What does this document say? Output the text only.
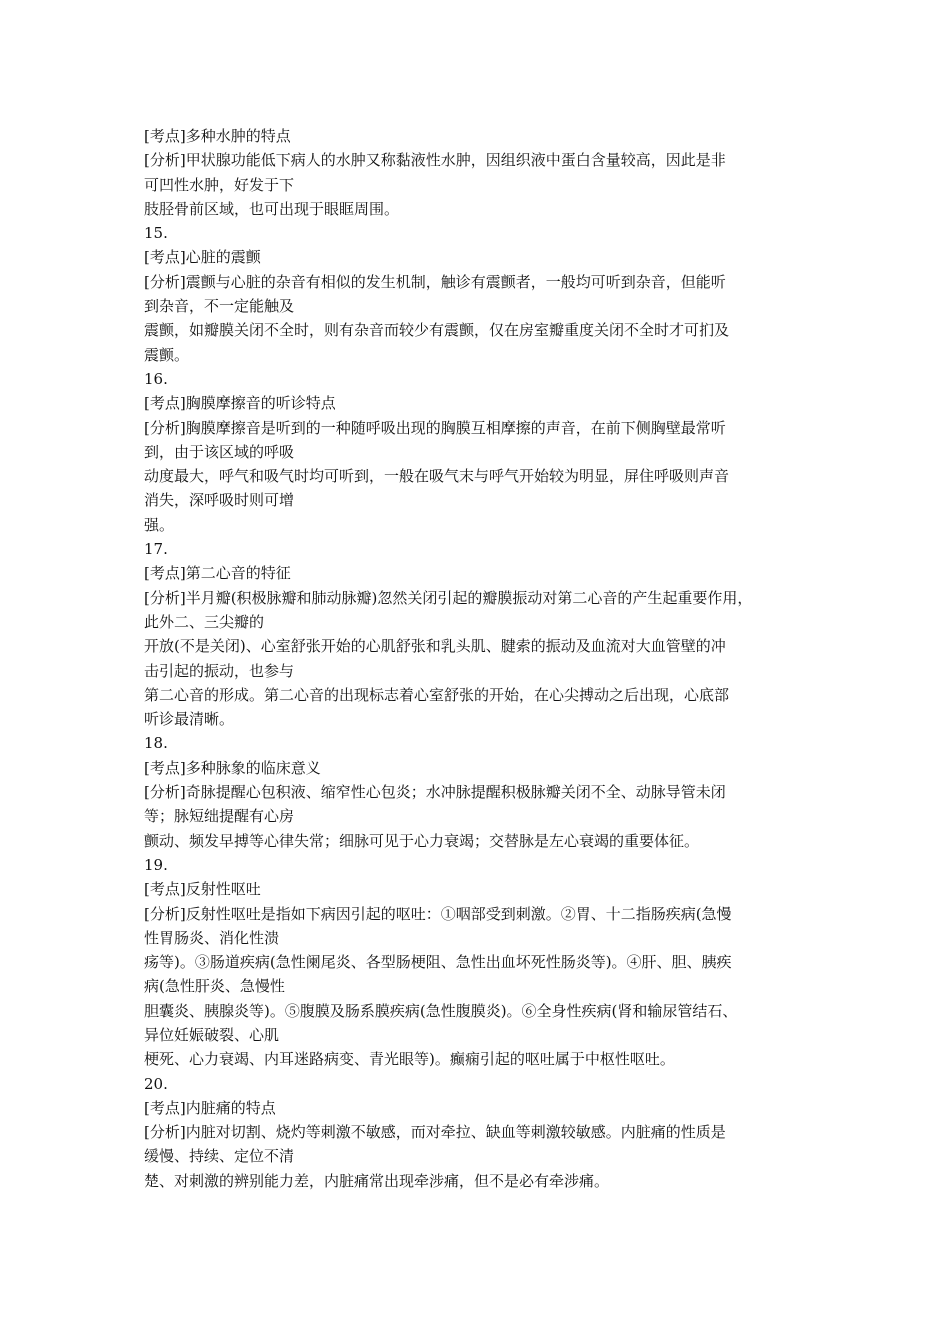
[考点]多种水肿的特点
[分析]甲状腺功能低下病人的水肿又称黏液性水肿，因组织液中蛋白含量较高，因此是非
可凹性水肿，好发于下
肢胫骨前区域，也可出现于眼眶周围。
15.
[考点]心脏的震颤
[分析]震颤与心脏的杂音有相似的发生机制，触诊有震颤者，一般均可听到杂音，但能听
到杂音，不一定能触及
震颤，如瓣膜关闭不全时，则有杂音而较少有震颤，仅在房室瓣重度关闭不全时才可扪及
震颤。
16.
[考点]胸膜摩擦音的听诊特点
[分析]胸膜摩擦音是听到的一种随呼吸出现的胸膜互相摩擦的声音，在前下侧胸壁最常听
到，由于该区域的呼吸
动度最大，呼气和吸气时均可听到，一般在吸气末与呼气开始较为明显，屏住呼吸则声音
消失，深呼吸时则可增
强。
17.
[考点]第二心音的特征
[分析]半月瓣(积极脉瓣和肺动脉瓣)忽然关闭引起的瓣膜振动对第二心音的产生起重要作用，
此外二、三尖瓣的
开放(不是关闭)、心室舒张开始的心肌舒张和乳头肌、腱索的振动及血流对大血管壁的冲
击引起的振动，也参与
第二心音的形成。第二心音的出现标志着心室舒张的开始，在心尖搏动之后出现，心底部
听诊最清晰。
18.
[考点]多种脉象的临床意义
[分析]奇脉提醒心包积液、缩窄性心包炎；水冲脉提醒积极脉瓣关闭不全、动脉导管未闭
等；脉短绌提醒有心房
颤动、频发早搏等心律失常；细脉可见于心力衰竭；交替脉是左心衰竭的重要体征。
19.
[考点]反射性呕吐
[分析]反射性呕吐是指如下病因引起的呕吐：①咽部受到刺激。②胃、十二指肠疾病(急慢
性胃肠炎、消化性溃
疡等)。③肠道疾病(急性阑尾炎、各型肠梗阻、急性出血坏死性肠炎等)。④肝、胆、胰疾
病(急性肝炎、急慢性
胆囊炎、胰腺炎等)。⑤腹膜及肠系膜疾病(急性腹膜炎)。⑥全身性疾病(肾和输尿管结石、
异位妊娠破裂、心肌
梗死、心力衰竭、内耳迷路病变、青光眼等)。癫痫引起的呕吐属于中枢性呕吐。
20.
[考点]内脏痛的特点
[分析]内脏对切割、烧灼等刺激不敏感，而对牵拉、缺血等刺激较敏感。内脏痛的性质是
缓慢、持续、定位不清
楚、对刺激的辨别能力差，内脏痛常出现牵涉痛，但不是必有牵涉痛。
